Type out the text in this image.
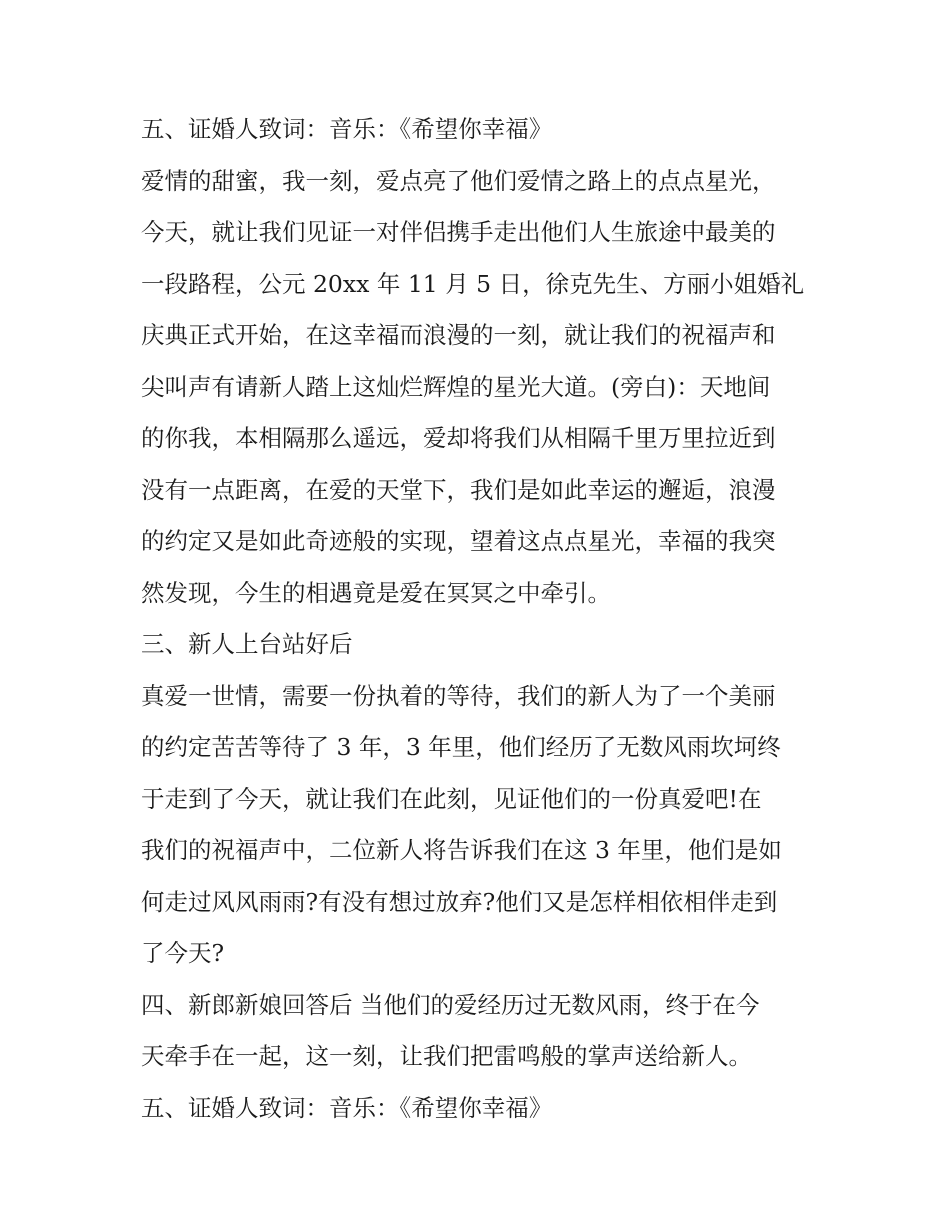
五、证婚人致词：音乐：《希望你幸福》
爱情的甜蜜，我一刻，爱点亮了他们爱情之路上的点点星光，
今天，就让我们见证一对伴侣携手走出他们人生旅途中最美的
一段路程，公元 20xx 年 11 月 5 日，徐克先生、方丽小姐婚礼
庆典正式开始，在这幸福而浪漫的一刻，就让我们的祝福声和
尖叫声有请新人踏上这灿烂辉煌的星光大道。(旁白)：天地间
的你我，本相隔那么遥远，爱却将我们从相隔千里万里拉近到
没有一点距离，在爱的天堂下，我们是如此幸运的邂逅，浪漫
的约定又是如此奇迹般的实现，望着这点点星光，幸福的我突
然发现，今生的相遇竟是爱在冥冥之中牵引。
三、新人上台站好后
真爱一世情，需要一份执着的等待，我们的新人为了一个美丽
的约定苦苦等待了 3 年，3 年里，他们经历了无数风雨坎坷终
于走到了今天，就让我们在此刻，见证他们的一份真爱吧!在
我们的祝福声中，二位新人将告诉我们在这 3 年里，他们是如
何走过风风雨雨?有没有想过放弃?他们又是怎样相依相伴走到
了今天?
四、新郎新娘回答后 当他们的爱经历过无数风雨，终于在今
天牵手在一起，这一刻，让我们把雷鸣般的掌声送给新人。
五、证婚人致词：音乐：《希望你幸福》
